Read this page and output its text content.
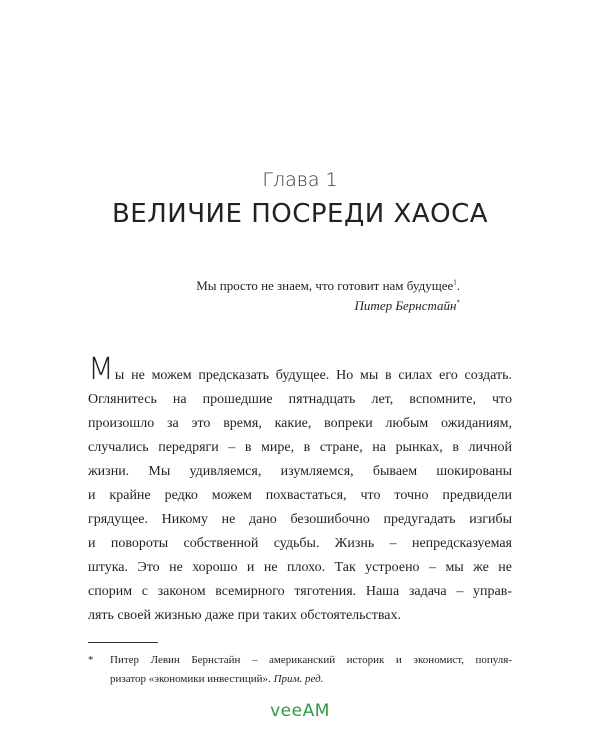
Глава 1
ВЕЛИЧИЕ ПОСРЕДИ ХАОСА
Мы просто не знаем, что готовит нам будущее$^1$.
Питер Бернстайн*
Мы не можем предсказать будущее. Но мы в силах его создать.
Оглянитесь на прошедшие пятнадцать лет, вспомните, что
произошло за это время, какие, вопреки любым ожиданиям,
случались передряги – в мире, в стране, на рынках, в личной
жизни. Мы удивляемся, изумляемся, бываем шокированы
и крайне редко можем похвастаться, что точно предвидели
грядущее. Никому не дано безошибочно предугадать изгибы
и повороты собственной судьбы. Жизнь – непредсказуемая
штука. Это не хорошо и не плохо. Так устроено – мы же не
спорим с законом всемирного тяготения. Наша задача – управ-
лять своей жизнью даже при таких обстоятельствах.
* Питер Левин Бернстайн – американский историк и экономист, популя-
ризатор «экономики инвестиций». Прим. ред.
veeAM
